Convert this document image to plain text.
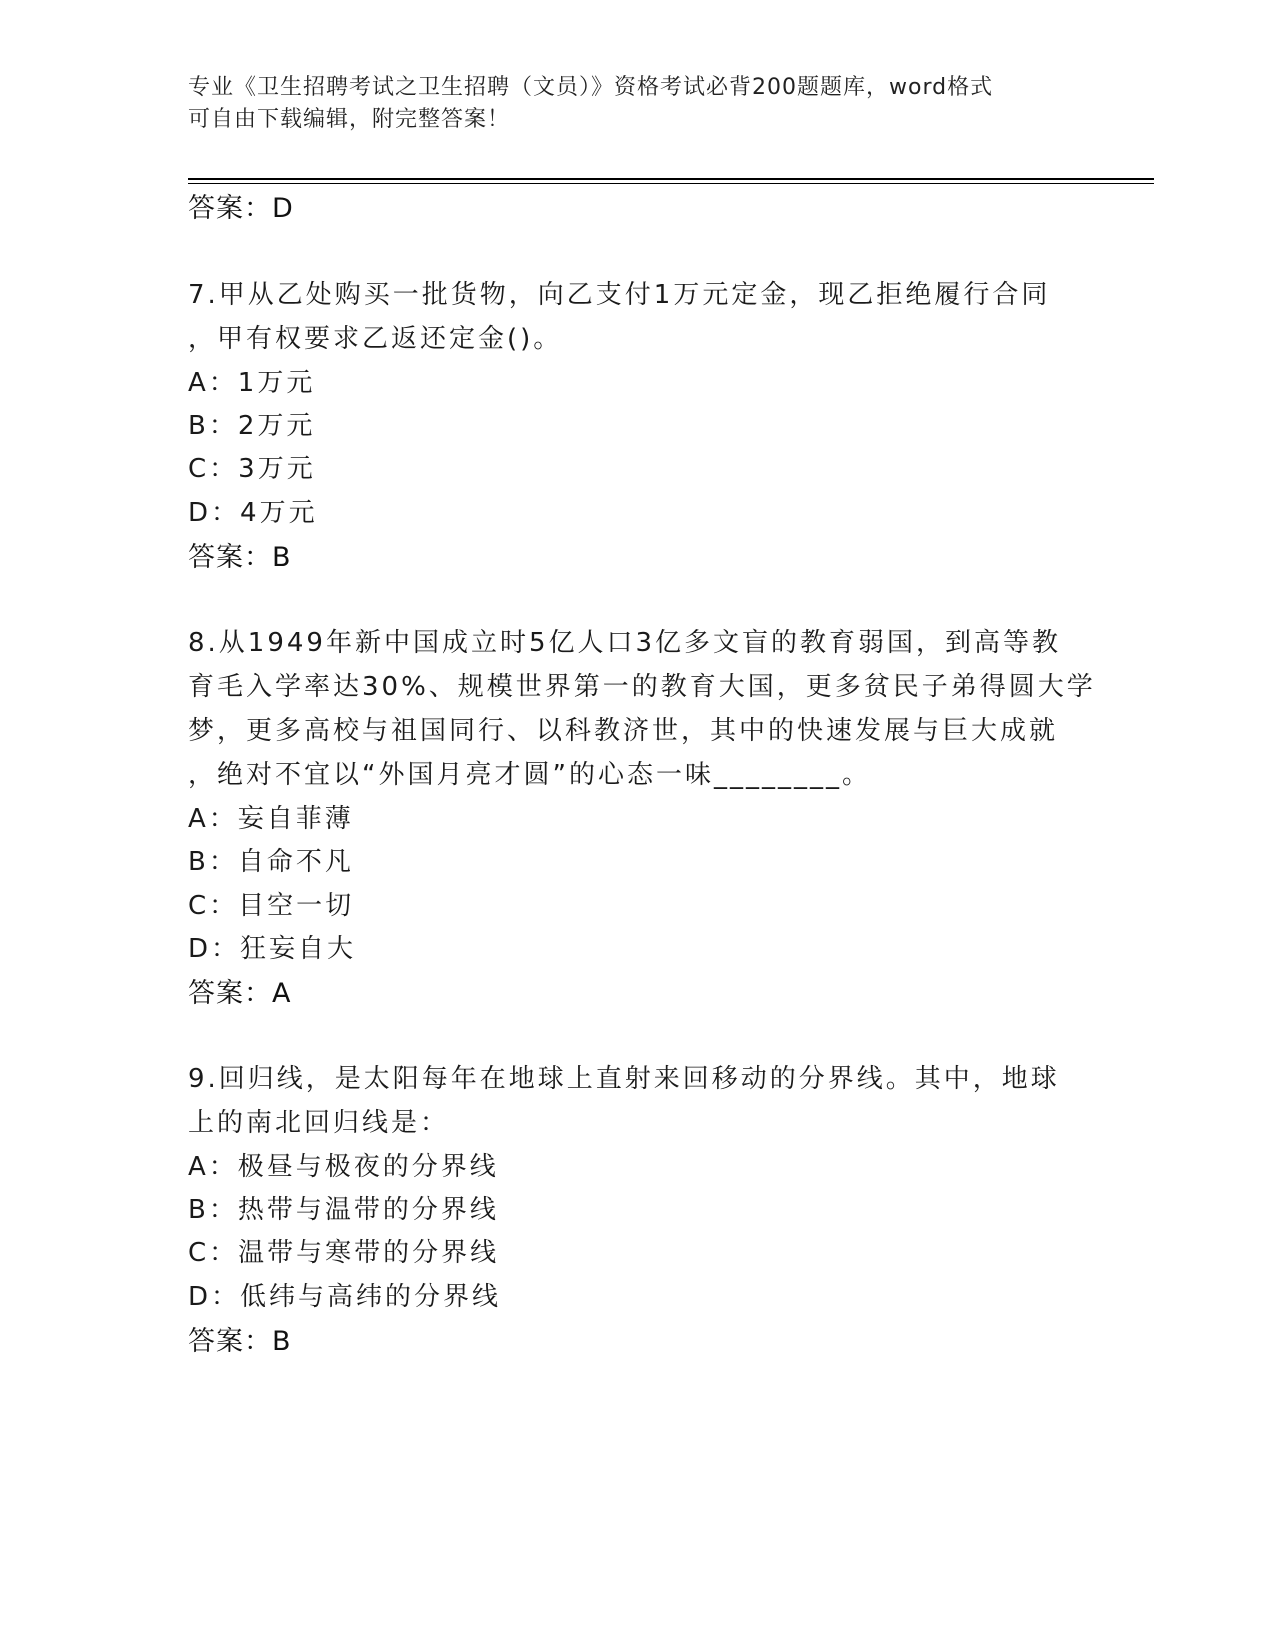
专业《卫生招聘考试之卫生招聘（文员）》资格考试必背200题题库，word格式
可自由下载编辑，附完整答案！
答案：D
7.甲从乙处购买一批货物，向乙支付1万元定金，现乙拒绝履行合同
，甲有权要求乙返还定金()。
A：1万元
B：2万元
C：3万元
D：4万元
答案：B
8.从1949年新中国成立时5亿人口3亿多文盲的教育弱国，到高等教
育毛入学率达30%、规模世界第一的教育大国，更多贫民子弟得圆大学
梦，更多高校与祖国同行、以科教济世，其中的快速发展与巨大成就
，绝对不宜以“外国月亮才圆”的心态一味________。
A：妄自菲薄
B：自命不凡
C：目空一切
D：狂妄自大
答案：A
9.回归线，是太阳每年在地球上直射来回移动的分界线。其中，地球
上的南北回归线是：
A：极昼与极夜的分界线
B：热带与温带的分界线
C：温带与寒带的分界线
D：低纬与高纬的分界线
答案：B
